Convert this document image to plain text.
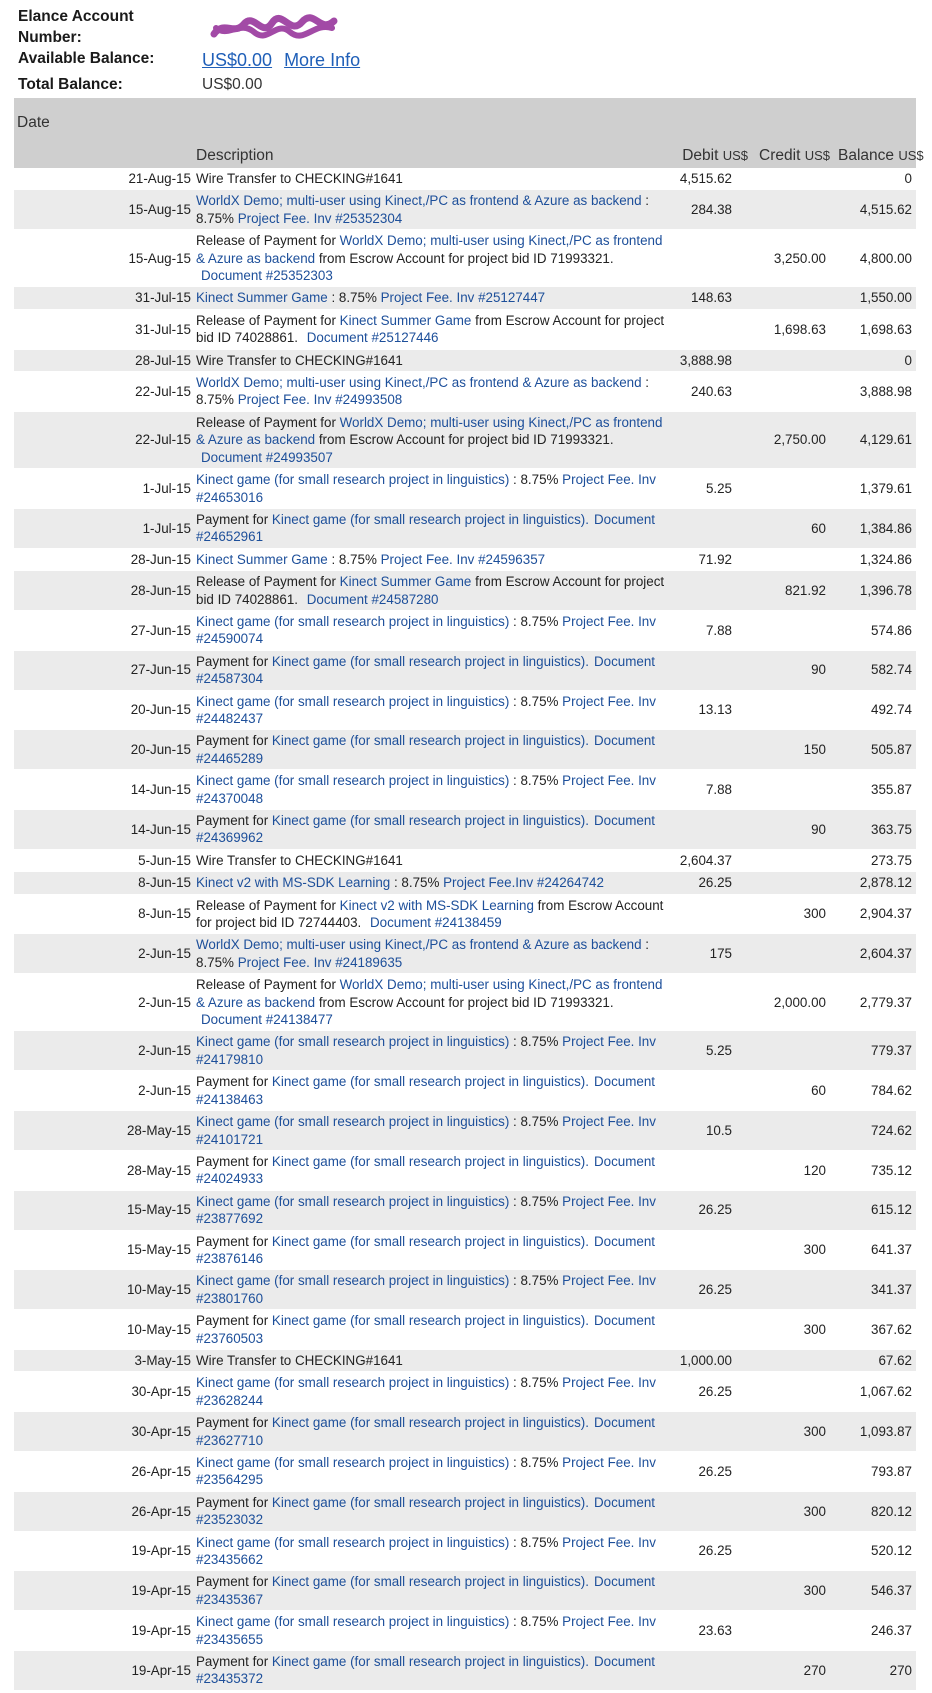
Elance Account Number:
Available Balance:	US$0.00 More Info
Total Balance:	US$0.00
Date	Description	Debit US$	Credit US$	Balance US$
21-Aug-15	Wire Transfer to CHECKING#1641	4,515.62		0
15-Aug-15	WorldX Demo; multi-user using Kinect,/PC as frontend & Azure as backend : 8.75% Project Fee. Inv #25352304	284.38		4,515.62
15-Aug-15	Release of Payment for WorldX Demo; multi-user using Kinect,/PC as frontend & Azure as backend from Escrow Account for project bid ID 71993321. Document #25352303		3,250.00	4,800.00
31-Jul-15	Kinect Summer Game : 8.75% Project Fee. Inv #25127447	148.63		1,550.00
31-Jul-15	Release of Payment for Kinect Summer Game from Escrow Account for project bid ID 74028861. Document #25127446		1,698.63	1,698.63
28-Jul-15	Wire Transfer to CHECKING#1641	3,888.98		0
22-Jul-15	WorldX Demo; multi-user using Kinect,/PC as frontend & Azure as backend : 8.75% Project Fee. Inv #24993508	240.63		3,888.98
22-Jul-15	Release of Payment for WorldX Demo; multi-user using Kinect,/PC as frontend & Azure as backend from Escrow Account for project bid ID 71993321. Document #24993507		2,750.00	4,129.61
1-Jul-15	Kinect game (for small research project in linguistics) : 8.75% Project Fee. Inv #24653016	5.25		1,379.61
1-Jul-15	Payment for Kinect game (for small research project in linguistics). Document #24652961		60	1,384.86
28-Jun-15	Kinect Summer Game : 8.75% Project Fee. Inv #24596357	71.92		1,324.86
28-Jun-15	Release of Payment for Kinect Summer Game from Escrow Account for project bid ID 74028861. Document #24587280		821.92	1,396.78
27-Jun-15	Kinect game (for small research project in linguistics) : 8.75% Project Fee. Inv #24590074	7.88		574.86
27-Jun-15	Payment for Kinect game (for small research project in linguistics). Document #24587304		90	582.74
20-Jun-15	Kinect game (for small research project in linguistics) : 8.75% Project Fee. Inv #24482437	13.13		492.74
20-Jun-15	Payment for Kinect game (for small research project in linguistics). Document #24465289		150	505.87
14-Jun-15	Kinect game (for small research project in linguistics) : 8.75% Project Fee. Inv #24370048	7.88		355.87
14-Jun-15	Payment for Kinect game (for small research project in linguistics). Document #24369962		90	363.75
5-Jun-15	Wire Transfer to CHECKING#1641	2,604.37		273.75
8-Jun-15	Kinect v2 with MS-SDK Learning : 8.75% Project Fee.Inv #24264742	26.25		2,878.12
8-Jun-15	Release of Payment for Kinect v2 with MS-SDK Learning from Escrow Account for project bid ID 72744403. Document #24138459		300	2,904.37
2-Jun-15	WorldX Demo; multi-user using Kinect,/PC as frontend & Azure as backend : 8.75% Project Fee. Inv #24189635	175		2,604.37
2-Jun-15	Release of Payment for WorldX Demo; multi-user using Kinect,/PC as frontend & Azure as backend from Escrow Account for project bid ID 71993321. Document #24138477		2,000.00	2,779.37
2-Jun-15	Kinect game (for small research project in linguistics) : 8.75% Project Fee. Inv #24179810	5.25		779.37
2-Jun-15	Payment for Kinect game (for small research project in linguistics). Document #24138463		60	784.62
28-May-15	Kinect game (for small research project in linguistics) : 8.75% Project Fee. Inv #24101721	10.5		724.62
28-May-15	Payment for Kinect game (for small research project in linguistics). Document #24024933		120	735.12
15-May-15	Kinect game (for small research project in linguistics) : 8.75% Project Fee. Inv #23877692	26.25		615.12
15-May-15	Payment for Kinect game (for small research project in linguistics). Document #23876146		300	641.37
10-May-15	Kinect game (for small research project in linguistics) : 8.75% Project Fee. Inv #23801760	26.25		341.37
10-May-15	Payment for Kinect game (for small research project in linguistics). Document #23760503		300	367.62
3-May-15	Wire Transfer to CHECKING#1641	1,000.00		67.62
30-Apr-15	Kinect game (for small research project in linguistics) : 8.75% Project Fee. Inv #23628244	26.25		1,067.62
30-Apr-15	Payment for Kinect game (for small research project in linguistics). Document #23627710		300	1,093.87
26-Apr-15	Kinect game (for small research project in linguistics) : 8.75% Project Fee. Inv #23564295	26.25		793.87
26-Apr-15	Payment for Kinect game (for small research project in linguistics). Document #23523032		300	820.12
19-Apr-15	Kinect game (for small research project in linguistics) : 8.75% Project Fee. Inv #23435662	26.25		520.12
19-Apr-15	Payment for Kinect game (for small research project in linguistics). Document #23435367		300	546.37
19-Apr-15	Kinect game (for small research project in linguistics) : 8.75% Project Fee. Inv #23435655	23.63		246.37
19-Apr-15	Payment for Kinect game (for small research project in linguistics). Document #23435372		270	270
